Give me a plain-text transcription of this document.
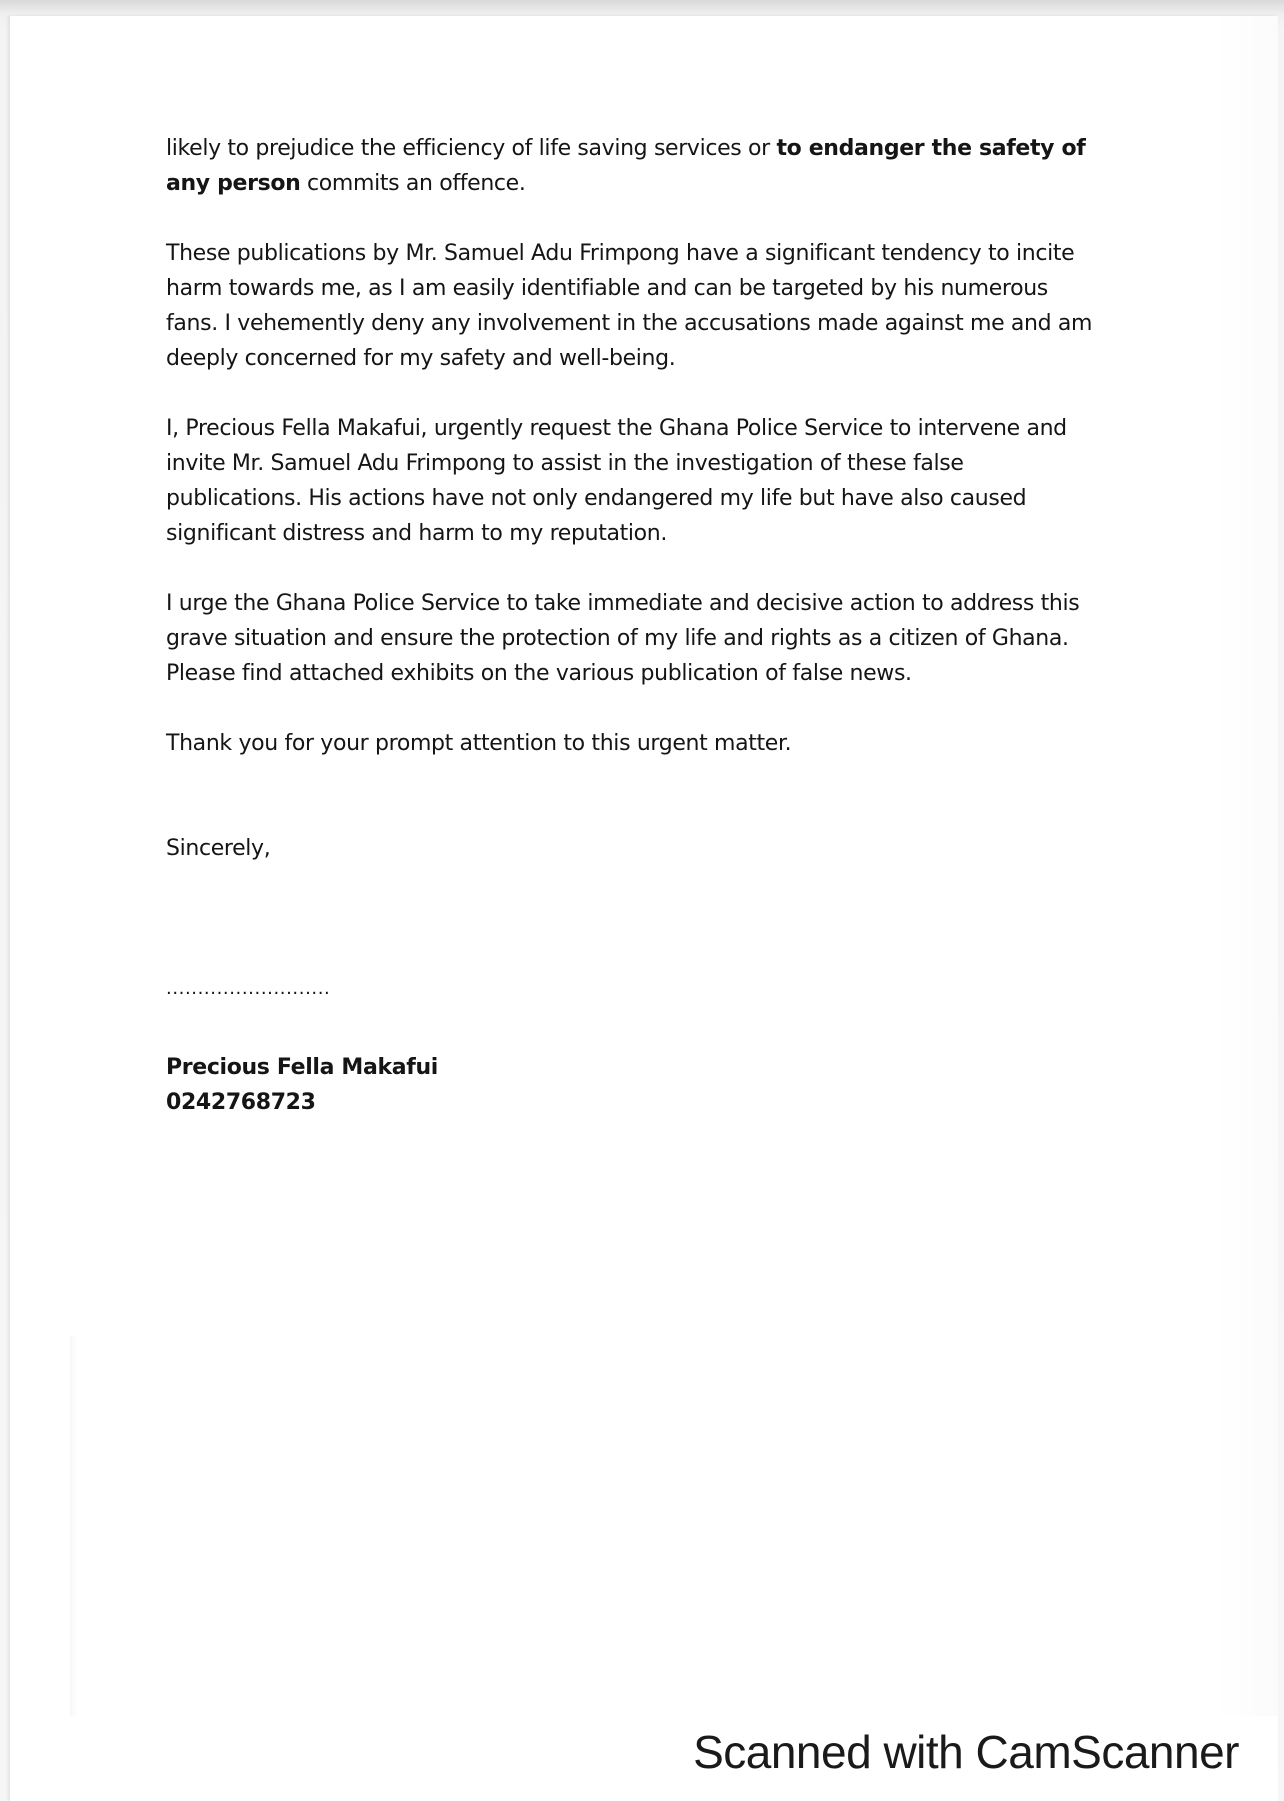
likely to prejudice the efficiency of life saving services or to endanger the safety of
any person commits an offence.

These publications by Mr. Samuel Adu Frimpong have a significant tendency to incite
harm towards me, as I am easily identifiable and can be targeted by his numerous
fans. I vehemently deny any involvement in the accusations made against me and am
deeply concerned for my safety and well-being.

I, Precious Fella Makafui, urgently request the Ghana Police Service to intervene and
invite Mr. Samuel Adu Frimpong to assist in the investigation of these false
publications. His actions have not only endangered my life but have also caused
significant distress and harm to my reputation.

I urge the Ghana Police Service to take immediate and decisive action to address this
grave situation and ensure the protection of my life and rights as a citizen of Ghana.
Please find attached exhibits on the various publication of false news.

Thank you for your prompt attention to this urgent matter.

Sincerely,

..........................
Precious Fella Makafui
0242768723
Scanned with CamScanner
